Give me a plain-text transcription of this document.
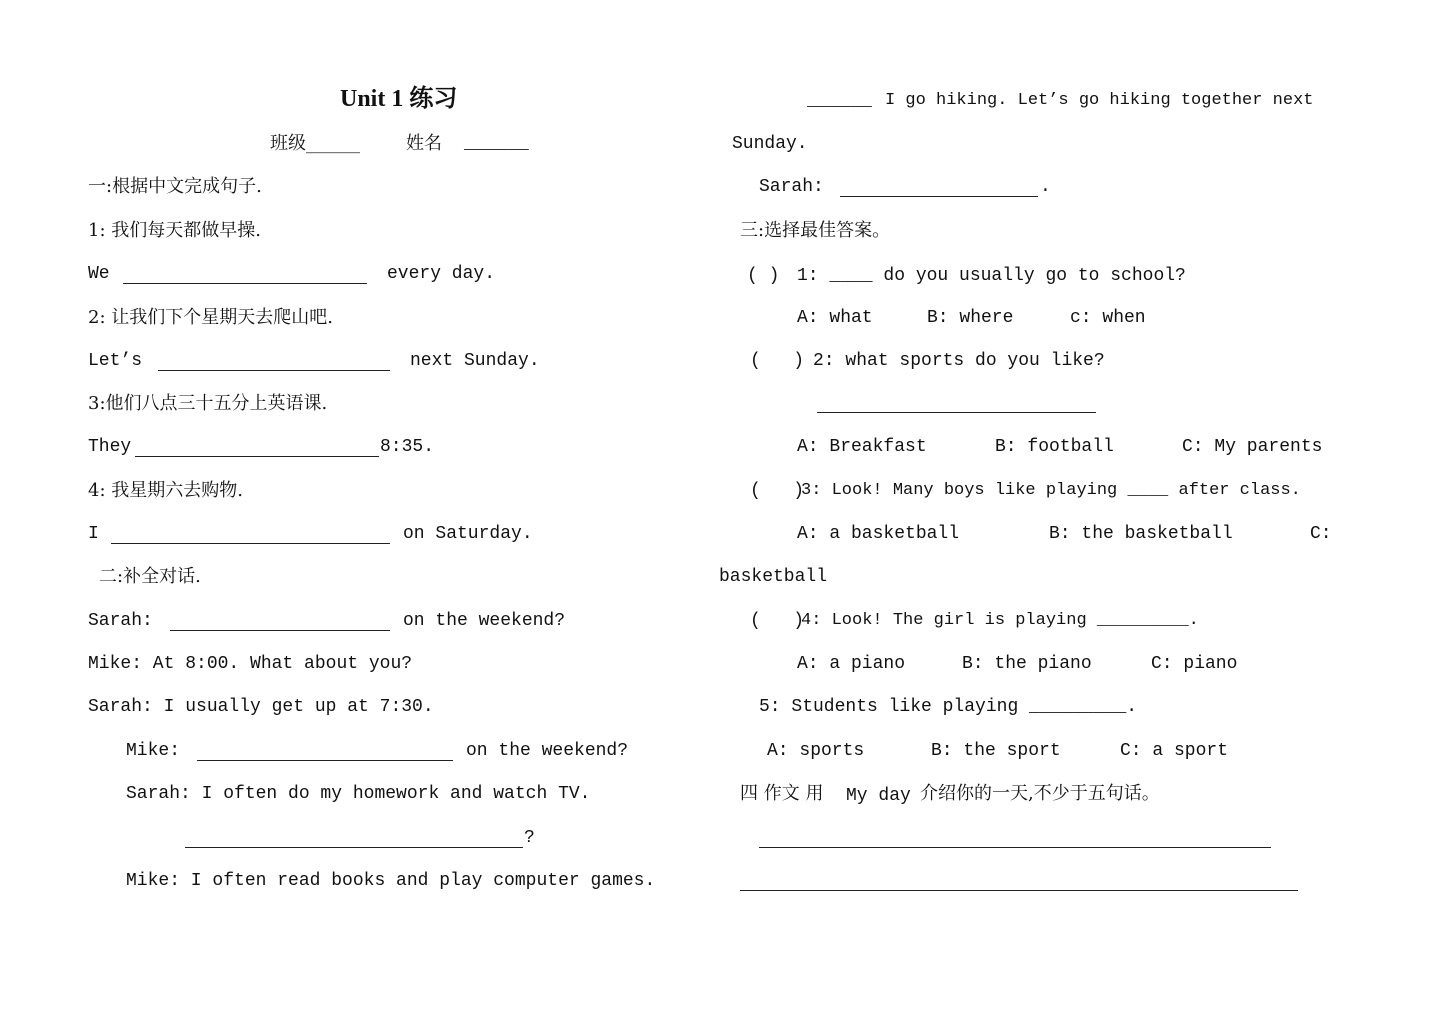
Unit 1 练习
班级______	姓名 ______
一:根据中文完成句子.
1: 我们每天都做早操.
We	every day.
2: 让我们下个星期天去爬山吧.
Let’s	next Sunday.
3:他们八点三十五分上英语课.
They	8:35.
4: 我星期六去购物.
I	on Saturday.
二:补全对话.
Sarah:	on the weekend?
Mike: At 8:00. What about you?
Sarah: I usually get up at 7:30.
Mike:	on the weekend?
Sarah: I often do my homework and watch TV.
?
Mike: I often read books and play computer games.
______ I go hiking. Let’s go hiking together next
Sunday.
Sarah:	.
三:选择最佳答案。
( ) 1: ____ do you usually go to school?
A: what	B: where	c: when
(   ) 2: what sports do you like?
A: Breakfast	B: football	C: My parents
(   )
3: Look! Many boys like playing ____ after class.
A: a basketball	B: the basketball	C:
basketball
(   )
4: Look! The girl is playing _________.
A: a piano	B: the piano	C: piano
5: Students like playing _________.
A: sports	B: the sport	C: a sport
四 作文 用 My day 介绍你的一天,不少于五句话。
